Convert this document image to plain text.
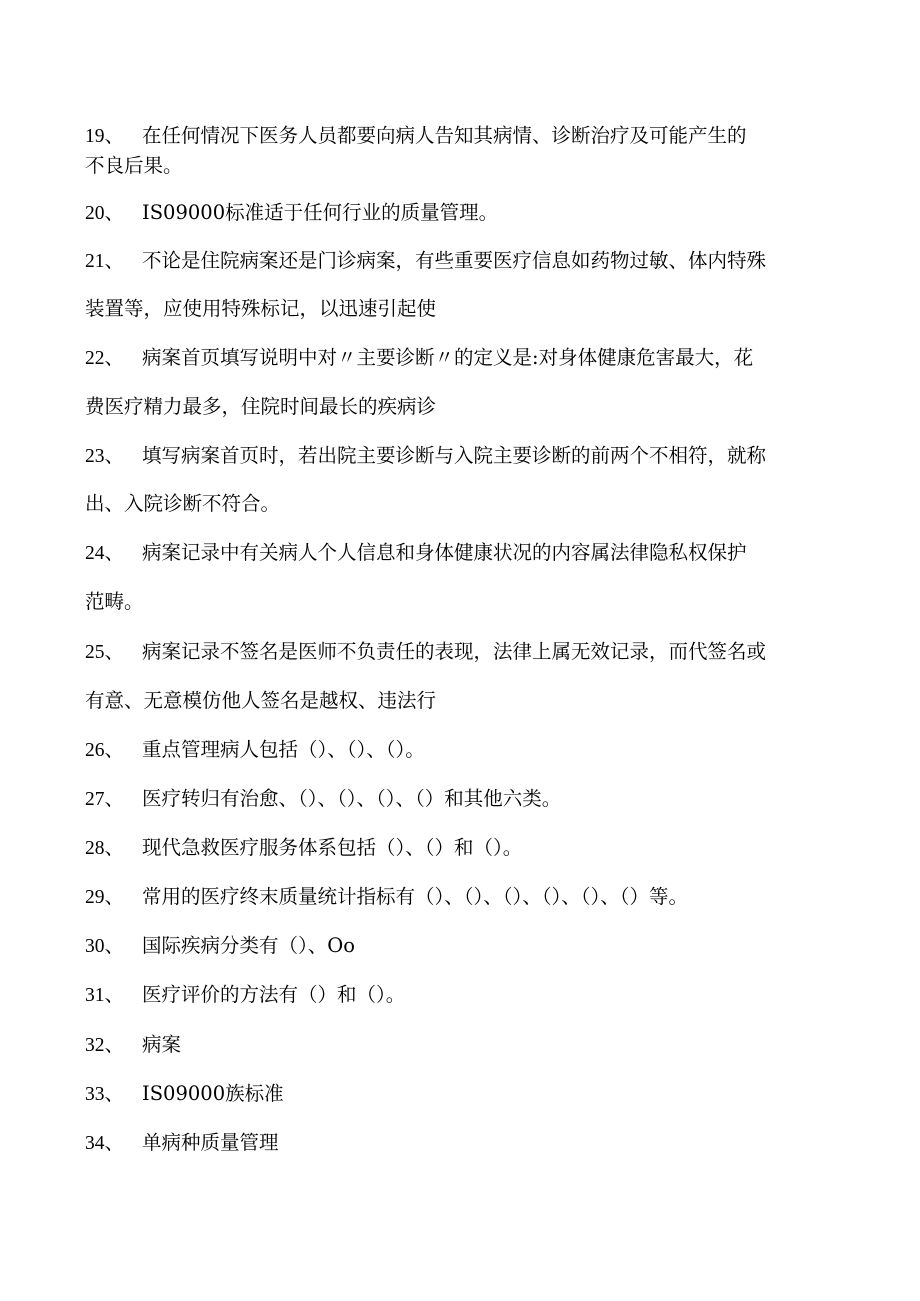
19、 在任何情况下医务人员都要向病人告知其病情、诊断治疗及可能产生的
不良后果。
20、 IS09000标准适于任何行业的质量管理。
21、 不论是住院病案还是门诊病案，有些重要医疗信息如药物过敏、体内特殊
装置等，应使用特殊标记，以迅速引起使
22、 病案首页填写说明中对〃主要诊断〃的定义是:对身体健康危害最大，花
费医疗精力最多，住院时间最长的疾病诊
23、 填写病案首页时，若出院主要诊断与入院主要诊断的前两个不相符，就称
出、入院诊断不符合。
24、 病案记录中有关病人个人信息和身体健康状况的内容属法律隐私权保护
范畴。
25、 病案记录不签名是医师不负责任的表现，法律上属无效记录，而代签名或
有意、无意模仿他人签名是越权、违法行
26、 重点管理病人包括（）、（）、（）。
27、 医疗转归有治愈、（）、（）、（）、（）和其他六类。
28、 现代急救医疗服务体系包括（）、（）和（）。
29、 常用的医疗终末质量统计指标有（）、（）、（）、（）、（）、（）等。
30、 国际疾病分类有（）、Oo
31、 医疗评价的方法有（）和（）。
32、 病案
33、 IS09000族标准
34、 单病种质量管理
